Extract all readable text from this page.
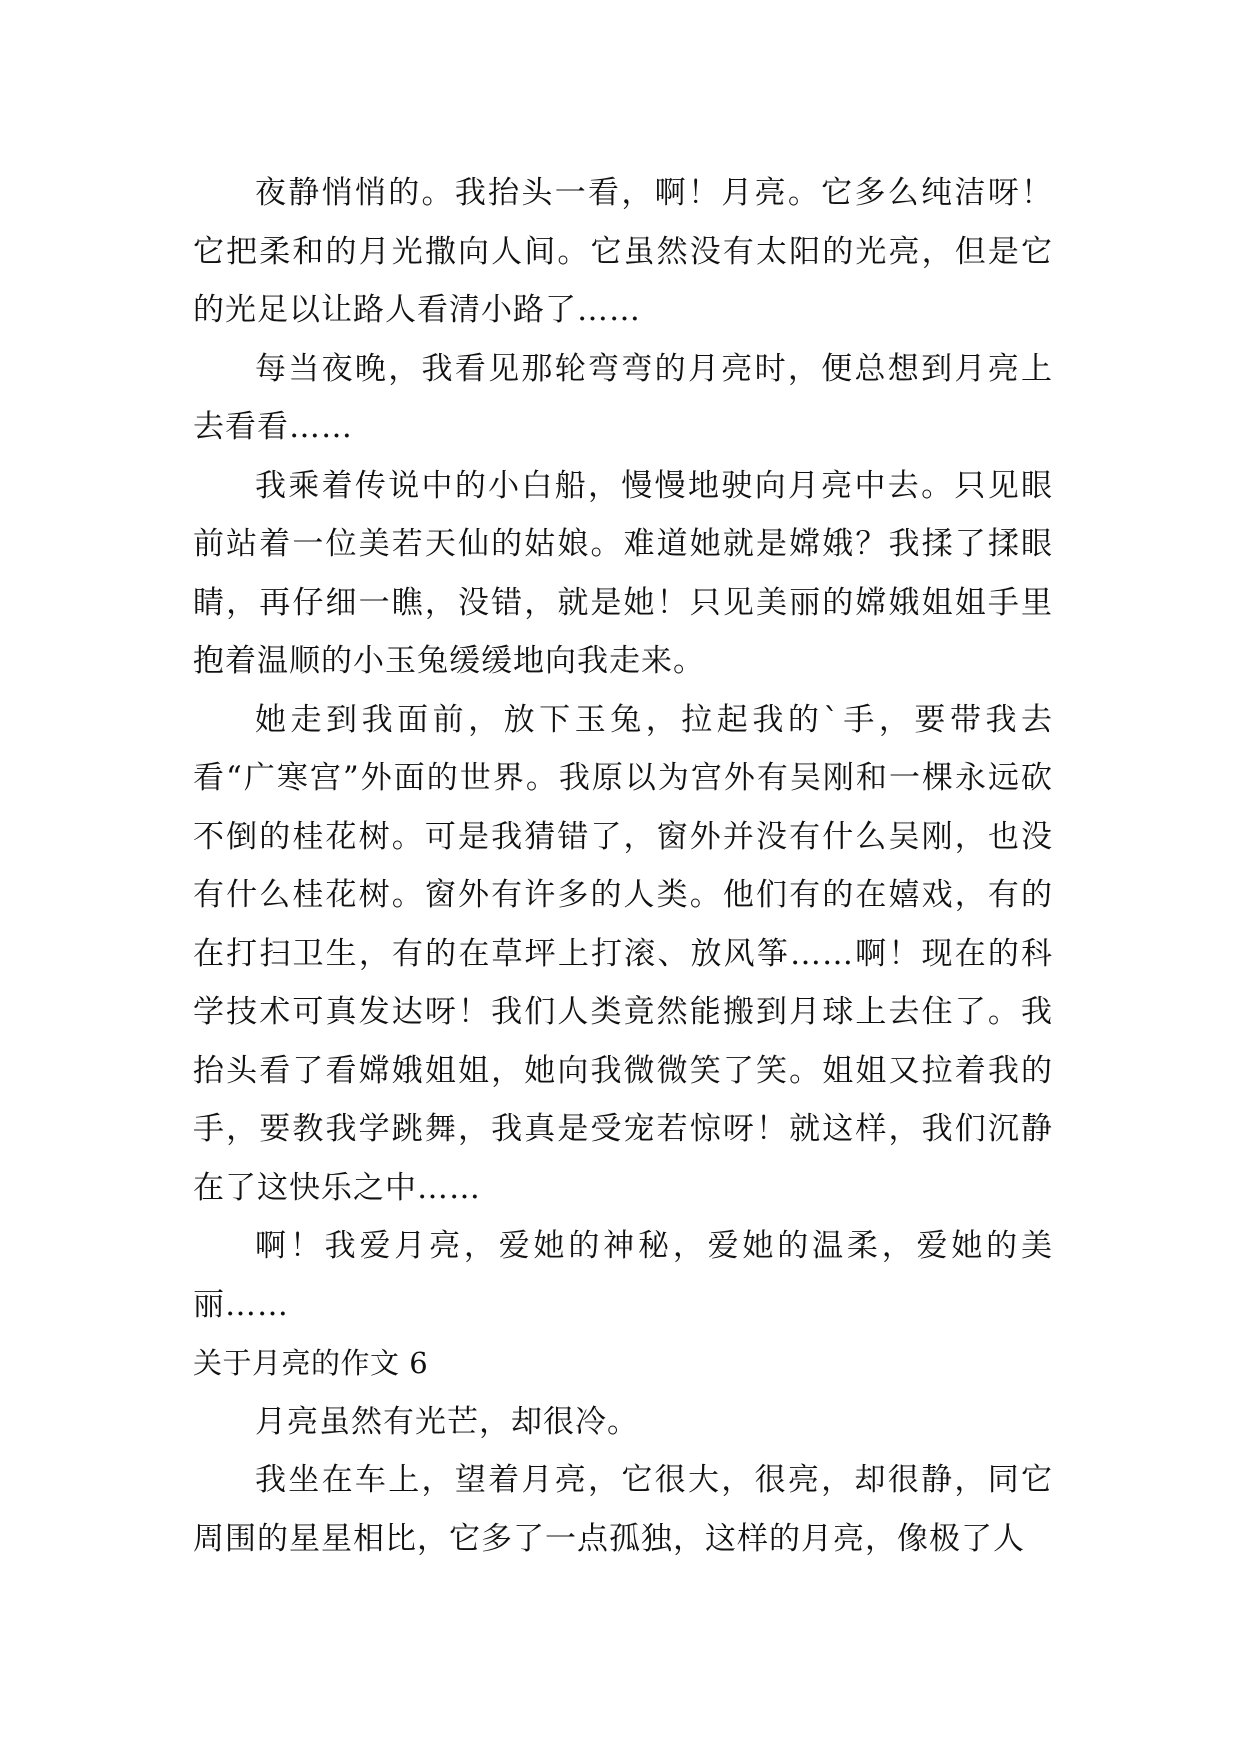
夜静悄悄的。我抬头一看，啊！月亮。它多么纯洁呀！它把柔和的月光撒向人间。它虽然没有太阳的光亮，但是它的光足以让路人看清小路了……

每当夜晚，我看见那轮弯弯的月亮时，便总想到月亮上去看看……

我乘着传说中的小白船，慢慢地驶向月亮中去。只见眼前站着一位美若天仙的姑娘。难道她就是嫦娥？我揉了揉眼睛，再仔细一瞧，没错，就是她！只见美丽的嫦娥姐姐手里抱着温顺的小玉兔缓缓地向我走来。

她走到我面前，放下玉兔，拉起我的`手，要带我去看“广寒宫”外面的世界。我原以为宫外有吴刚和一棵永远砍不倒的桂花树。可是我猜错了，窗外并没有什么吴刚，也没有什么桂花树。窗外有许多的人类。他们有的在嬉戏，有的在打扫卫生，有的在草坪上打滚、放风筝……啊！现在的科学技术可真发达呀！我们人类竟然能搬到月球上去住了。我抬头看了看嫦娥姐姐，她向我微微笑了笑。姐姐又拉着我的手，要教我学跳舞，我真是受宠若惊呀！就这样，我们沉静在了这快乐之中……

啊！我爱月亮，爱她的神秘，爱她的温柔，爱她的美丽……

关于月亮的作文 6

月亮虽然有光芒，却很冷。

我坐在车上，望着月亮，它很大，很亮，却很静，同它周围的星星相比，它多了一点孤独，这样的月亮，像极了人
